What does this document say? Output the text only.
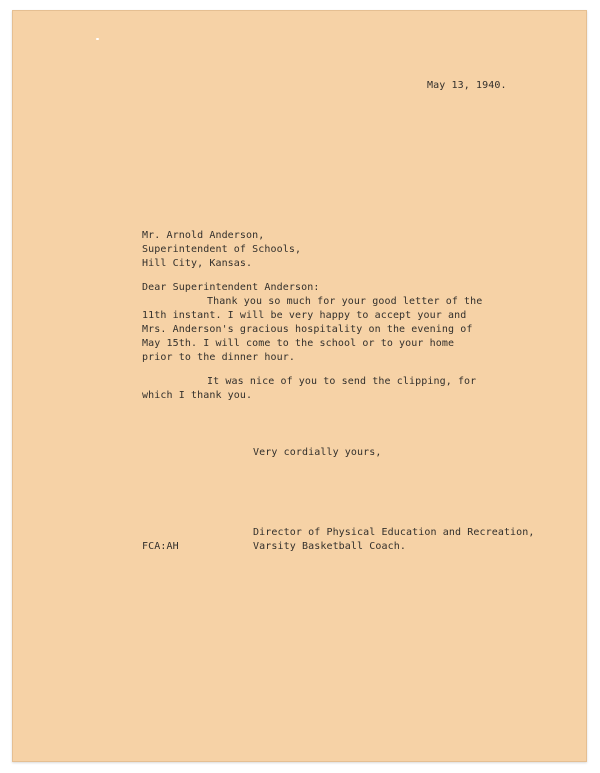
May 13, 1940.
Mr. Arnold Anderson,
Superintendent of Schools,
Hill City, Kansas.
Dear Superintendent Anderson:
Thank you so much for your good letter of the
11th instant. I will be very happy to accept your and
Mrs. Anderson's gracious hospitality on the evening of
May 15th. I will come to the school or to your home
prior to the dinner hour.
It was nice of you to send the clipping, for
which I thank you.
Very cordially yours,
Director of Physical Education and Recreation,
FCA:AH	Varsity Basketball Coach.
